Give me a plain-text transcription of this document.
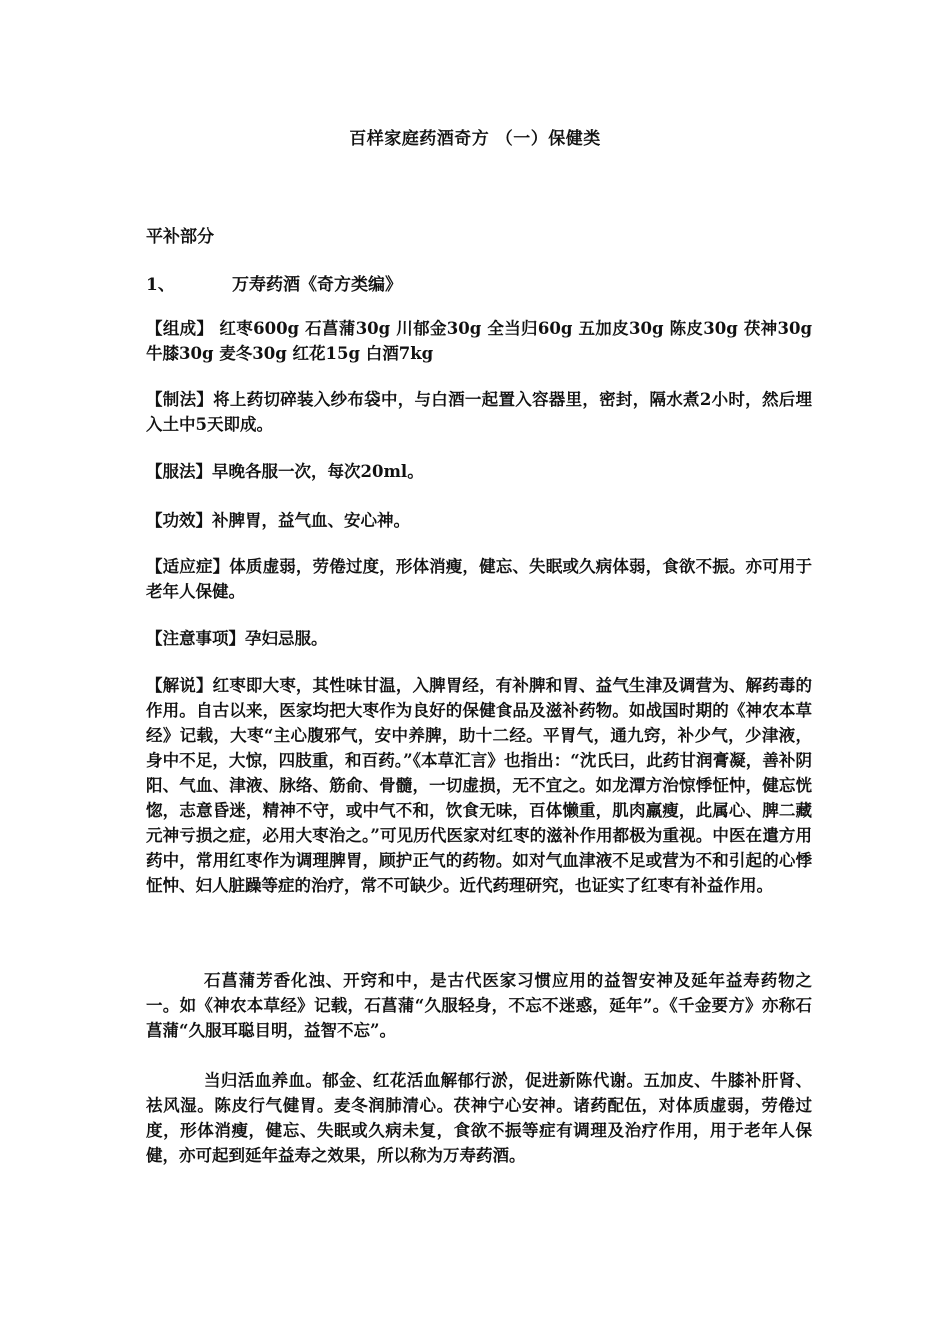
百样家庭药酒奇方 （一）保健类
平补部分
1、	万寿药酒《奇方类编》

【组成】 红枣600g 石菖蒲30g 川郁金30g 全当归60g 五加皮30g 陈皮30g 茯神30g 牛膝30g 麦冬30g 红花15g 白酒7kg

【制法】将上药切碎装入纱布袋中，与白酒一起置入容器里，密封，隔水煮2小时，然后埋入土中5天即成。

【服法】早晚各服一次，每次20ml。

【功效】补脾胃，益气血、安心神。

【适应症】体质虚弱，劳倦过度，形体消瘦，健忘、失眠或久病体弱，食欲不振。亦可用于老年人保健。

【注意事项】孕妇忌服。

【解说】红枣即大枣，其性味甘温，入脾胃经，有补脾和胃、益气生津及调营为、解药毒的作用。自古以来，医家均把大枣作为良好的保健食品及滋补药物。如战国时期的《神农本草经》记载，大枣“主心腹邪气，安中养脾，助十二经。平胃气，通九窍，补少气，少津液，身中不足，大惊，四肢重，和百药。”《本草汇言》也指出：“沈氏曰，此药甘润膏凝，善补阴阳、气血、津液、脉络、筋俞、骨髓，一切虚损，无不宜之。如龙潭方治惊悸怔忡，健忘恍惚，志意昏迷，精神不守，或中气不和，饮食无味，百体懒重，肌肉羸瘦，此属心、脾二藏元神亏损之症，必用大枣治之。”可见历代医家对红枣的滋补作用都极为重视。中医在遣方用药中，常用红枣作为调理脾胃，顾护正气的药物。如对气血津液不足或营为不和引起的心悸怔忡、妇人脏躁等症的治疗，常不可缺少。近代药理研究，也证实了红枣有补益作用。

石菖蒲芳香化浊、开窍和中，是古代医家习惯应用的益智安神及延年益寿药物之一。如《神农本草经》记载，石菖蒲“久服轻身，不忘不迷惑，延年”。《千金要方》亦称石菖蒲“久服耳聪目明，益智不忘”。

当归活血养血。郁金、红花活血解郁行淤，促进新陈代谢。五加皮、牛膝补肝肾、祛风湿。陈皮行气健胃。麦冬润肺清心。茯神宁心安神。诸药配伍，对体质虚弱，劳倦过度，形体消瘦，健忘、失眠或久病未复，食欲不振等症有调理及治疗作用，用于老年人保健，亦可起到延年益寿之效果，所以称为万寿药酒。
